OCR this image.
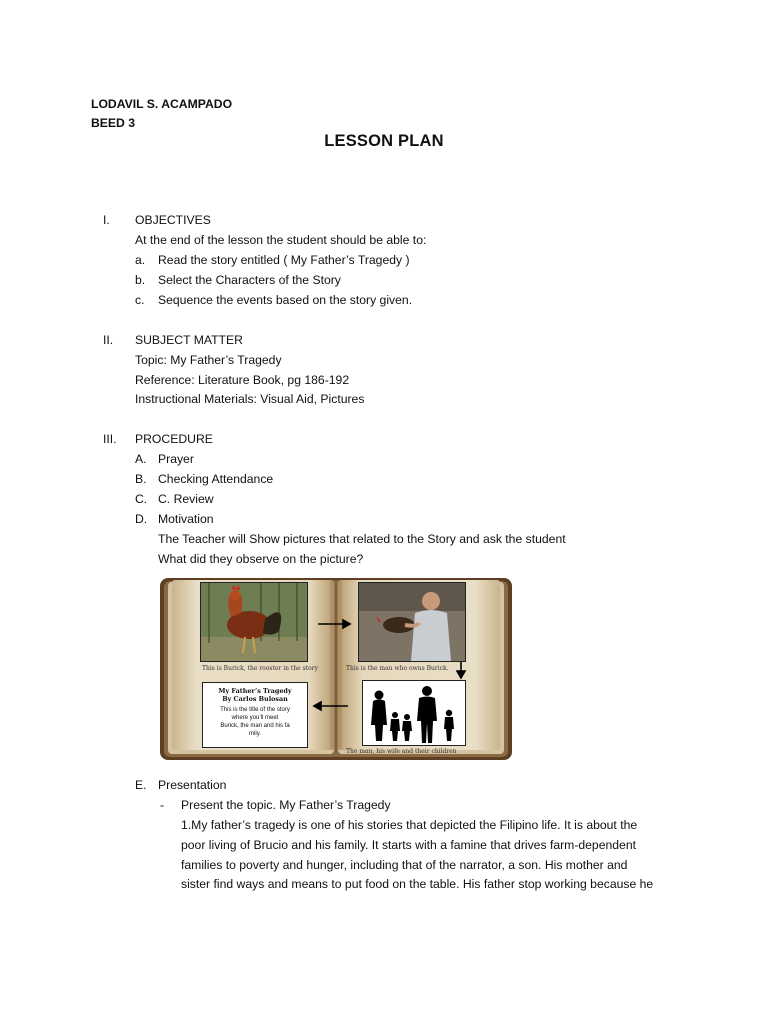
LODAVIL S. ACAMPADO
BEED 3
LESSON PLAN
I. OBJECTIVES
At the end of the lesson the student should be able to:
a. Read the story entitled ( My Father’s Tragedy )
b. Select the Characters of the Story
c. Sequence the events based on the story given.
II. SUBJECT MATTER
Topic: My Father’s Tragedy
Reference: Literature Book, pg 186-192
Instructional Materials: Visual Aid, Pictures
III. PROCEDURE
A. Prayer
B. Checking Attendance
C. C. Review
D. Motivation
The Teacher will Show pictures that related to the Story and ask the student
What did they observe on the picture?
This is Burick, the rooster in the story	This is the man who owns Burick.
My Father’s Tragedy
By Carlos Bulosan
This is the title of the story
where you’ll meet
Burick, the man and his fa
mily.
The man, his wife and their children
E. Presentation
- Present the topic. My Father’s Tragedy
1.My father’s tragedy is one of his stories that depicted the Filipino life. It is about the
poor living of Brucio and his family. It starts with a famine that drives farm-dependent
families to poverty and hunger, including that of the narrator, a son. His mother and
sister find ways and means to put food on the table. His father stop working because he
